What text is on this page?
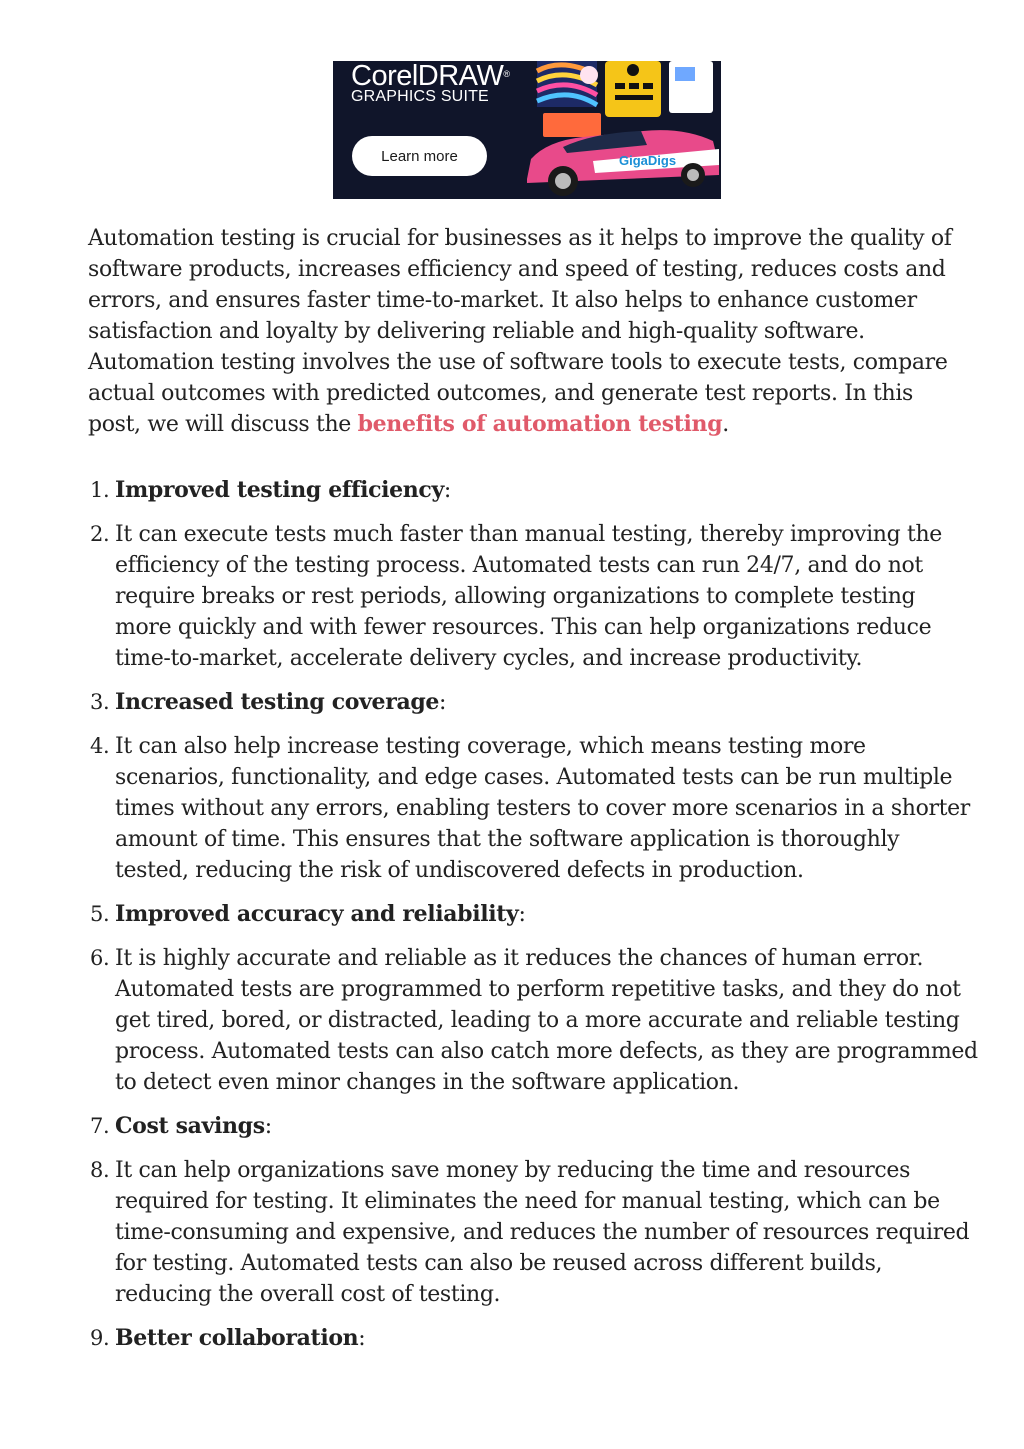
CorelDRAW®
GRAPHICS SUITE
Learn more	GigaDigs

Automation testing is crucial for businesses as it helps to improve the quality of software products, increases efficiency and speed of testing, reduces costs and errors, and ensures faster time-to-market. It also helps to enhance customer satisfaction and loyalty by delivering reliable and high-quality software. Automation testing involves the use of software tools to execute tests, compare actual outcomes with predicted outcomes, and generate test reports. In this post, we will discuss the benefits of automation testing.

1. Improved testing efficiency:
2. It can execute tests much faster than manual testing, thereby improving the efficiency of the testing process. Automated tests can run 24/7, and do not require breaks or rest periods, allowing organizations to complete testing more quickly and with fewer resources. This can help organizations reduce time-to-market, accelerate delivery cycles, and increase productivity.
3. Increased testing coverage:
4. It can also help increase testing coverage, which means testing more scenarios, functionality, and edge cases. Automated tests can be run multiple times without any errors, enabling testers to cover more scenarios in a shorter amount of time. This ensures that the software application is thoroughly tested, reducing the risk of undiscovered defects in production.
5. Improved accuracy and reliability:
6. It is highly accurate and reliable as it reduces the chances of human error. Automated tests are programmed to perform repetitive tasks, and they do not get tired, bored, or distracted, leading to a more accurate and reliable testing process. Automated tests can also catch more defects, as they are programmed to detect even minor changes in the software application.
7. Cost savings:
8. It can help organizations save money by reducing the time and resources required for testing. It eliminates the need for manual testing, which can be time-consuming and expensive, and reduces the number of resources required for testing. Automated tests can also be reused across different builds, reducing the overall cost of testing.
9. Better collaboration:
